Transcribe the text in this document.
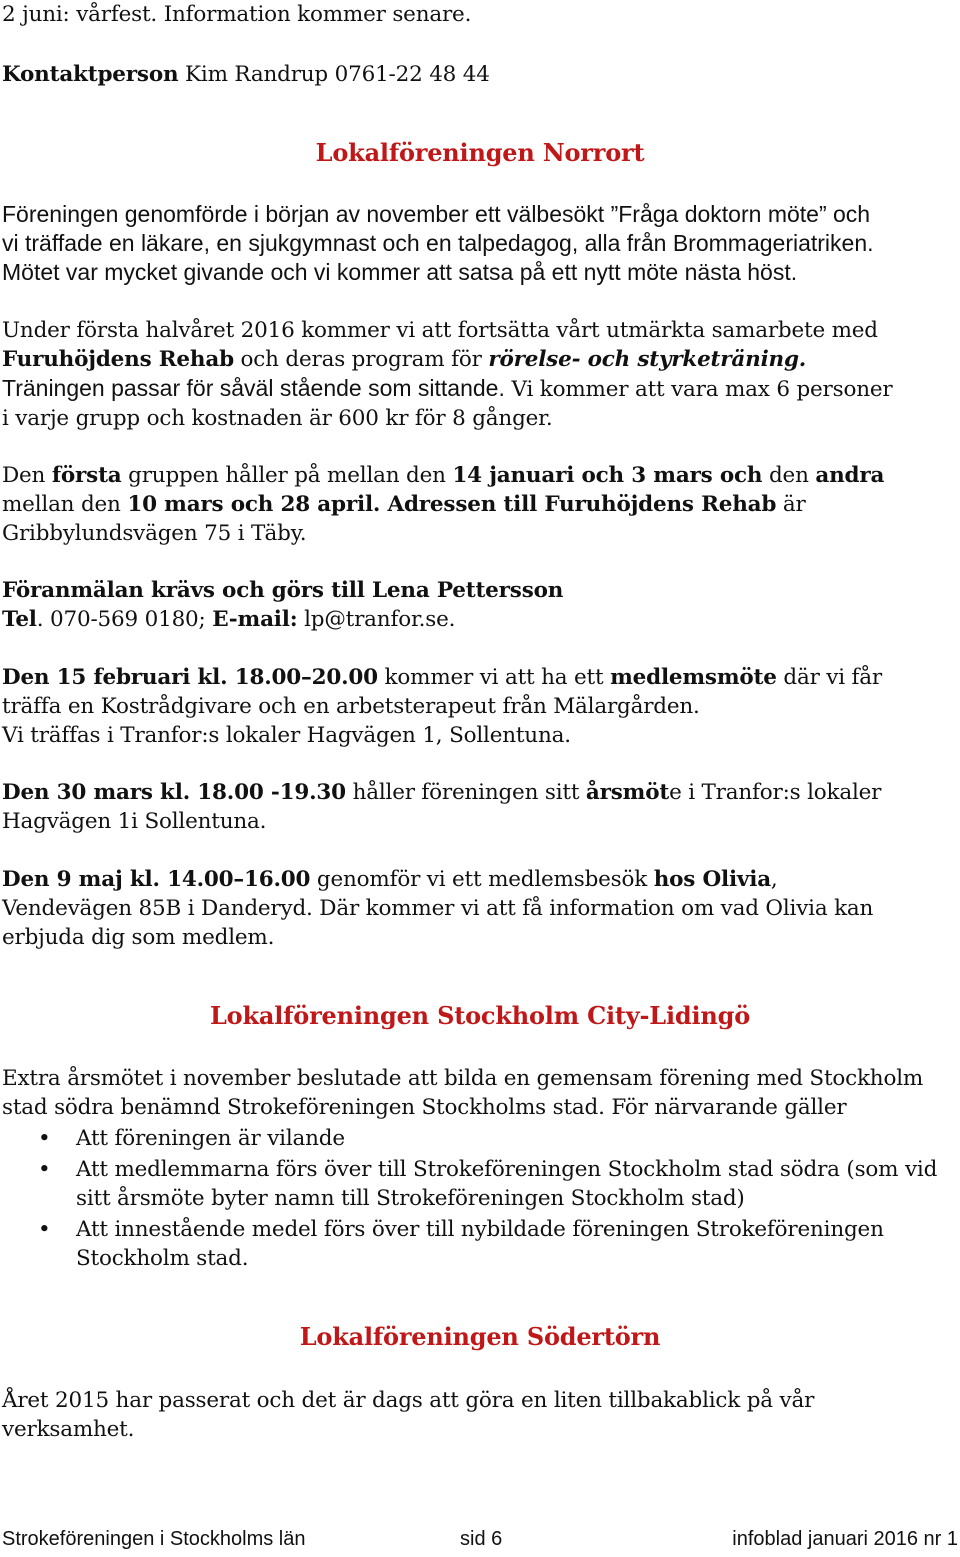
2 juni: vårfest. Information kommer senare.
Kontaktperson Kim Randrup 0761-22 48 44
Lokalföreningen Norrort
Föreningen genomförde i början av november ett välbesökt ”Fråga doktorn möte” och
vi träffade en läkare, en sjukgymnast och en talpedagog, alla från Brommageriatriken.
Mötet var mycket givande och vi kommer att satsa på ett nytt möte nästa höst.
Under första halvåret 2016 kommer vi att fortsätta vårt utmärkta samarbete med
Furuhöjdens Rehab och deras program för rörelse- och styrketräning.
Träningen passar för såväl stående som sittande. Vi kommer att vara max 6 personer
i varje grupp och kostnaden är 600 kr för 8 gånger.
Den första gruppen håller på mellan den 14 januari och 3 mars och den andra
mellan den 10 mars och 28 april. Adressen till Furuhöjdens Rehab är
Gribbylundsvägen 75 i Täby.
Föranmälan krävs och görs till Lena Pettersson
Tel. 070-569 0180; E-mail: lp@tranfor.se.
Den 15 februari kl. 18.00–20.00 kommer vi att ha ett medlemsmöte där vi får
träffa en Kostrådgivare och en arbetsterapeut från Mälargården.
Vi träffas i Tranfor:s lokaler Hagvägen 1, Sollentuna.
Den 30 mars kl. 18.00 -19.30 håller föreningen sitt årsmöte i Tranfor:s lokaler
Hagvägen 1i Sollentuna.
Den 9 maj kl. 14.00–16.00 genomför vi ett medlemsbesök hos Olivia,
Vendevägen 85B i Danderyd. Där kommer vi att få information om vad Olivia kan
erbjuda dig som medlem.
Lokalföreningen Stockholm City-Lidingö
Extra årsmötet i november beslutade att bilda en gemensam förening med Stockholm
stad södra benämnd Strokeföreningen Stockholms stad. För närvarande gäller
• Att föreningen är vilande
• Att medlemmarna förs över till Strokeföreningen Stockholm stad södra (som vid sitt årsmöte byter namn till Strokeföreningen Stockholm stad)
• Att innestående medel förs över till nybildade föreningen Strokeföreningen Stockholm stad.
Lokalföreningen Södertörn
Året 2015 har passerat och det är dags att göra en liten tillbakablick på vår
verksamhet.
Strokeföreningen i Stockholms län	sid 6	infoblad januari 2016 nr 1
